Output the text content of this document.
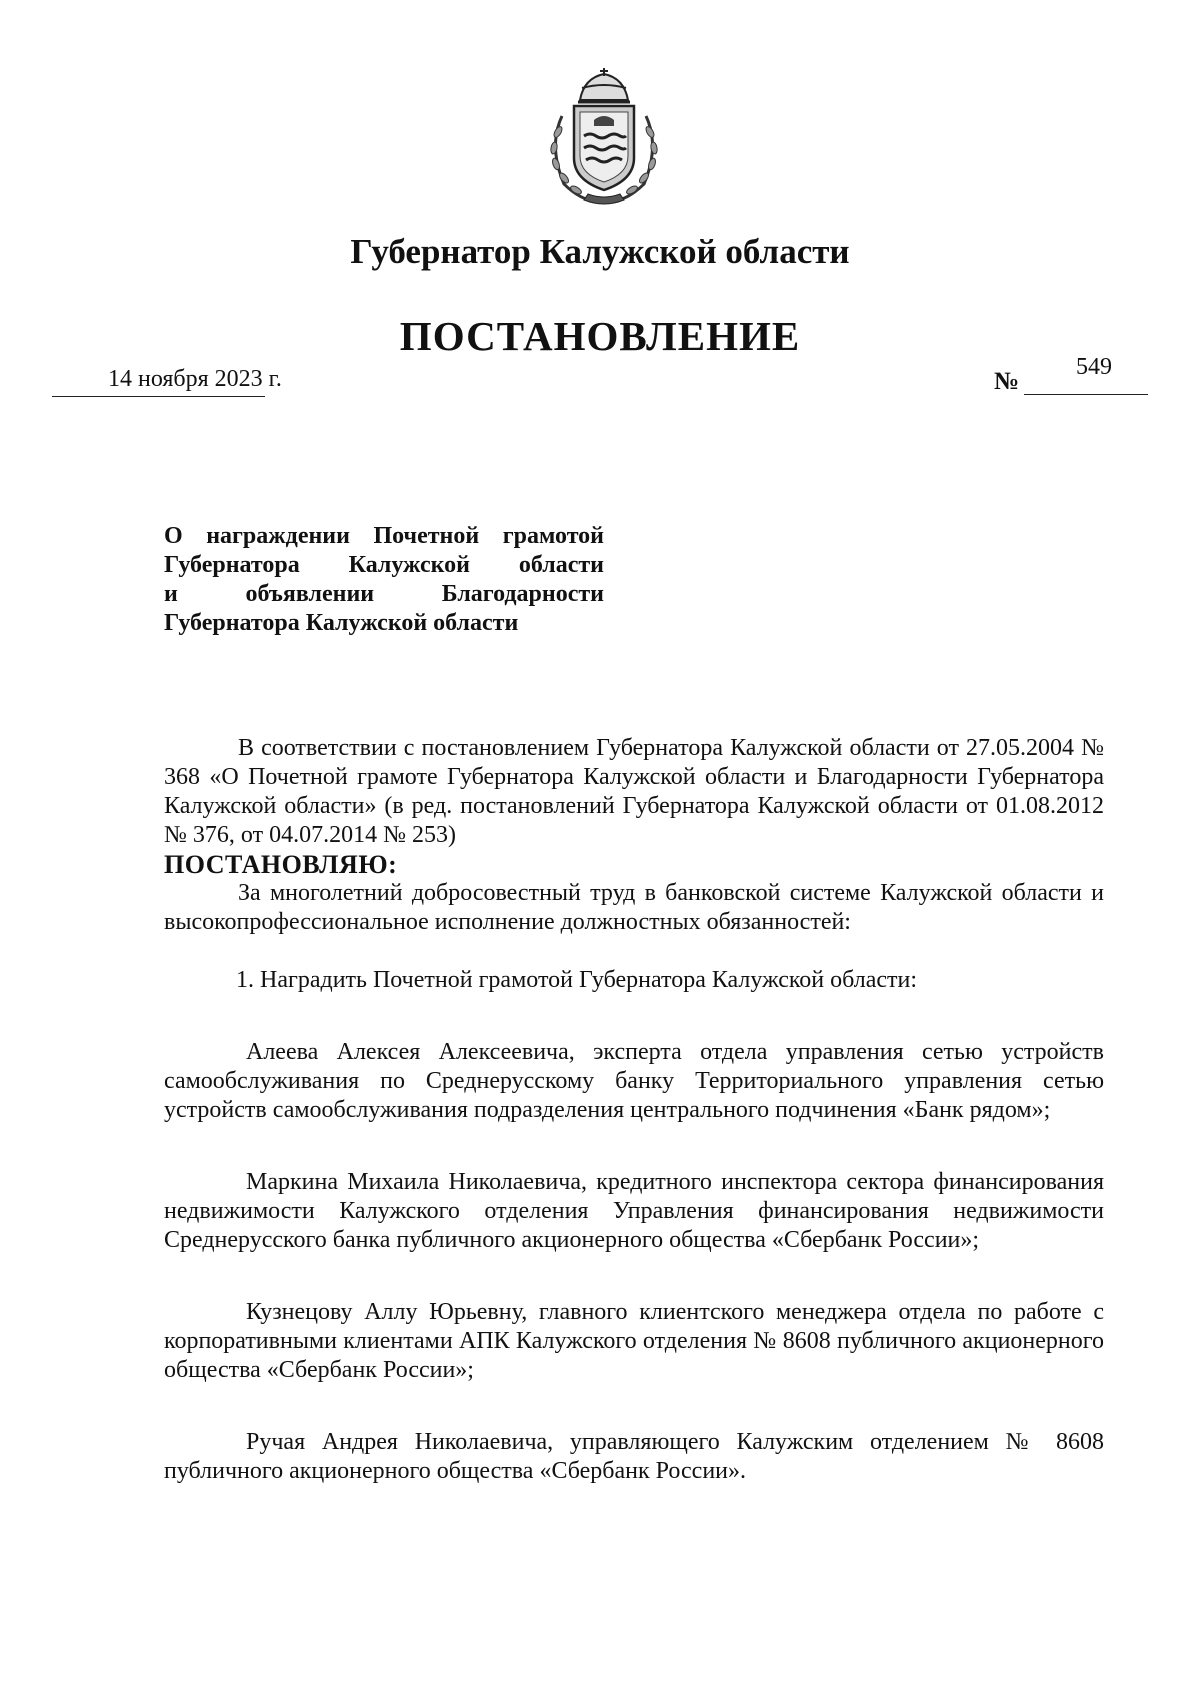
Губернатор Калужской области
ПОСТАНОВЛЕНИЕ
14 ноября 2023 г.	№
549
О награждении Почетной грамотой
Губернатора Калужской области
и объявлении Благодарности
Губернатора Калужской области

В соответствии с постановлением Губернатора Калужской области от 27.05.2004 № 368 «О Почетной грамоте Губернатора Калужской области и Благодарности Губернатора Калужской области» (в ред. постановлений Губернатора Калужской области от 01.08.2012 № 376, от 04.07.2014 № 253)

ПОСТАНОВЛЯЮ:

За многолетний добросовестный труд в банковской системе Калужской области и высокопрофессиональное исполнение должностных обязанностей:

1. Наградить Почетной грамотой Губернатора Калужской области:

Алеева Алексея Алексеевича, эксперта отдела управления сетью устройств самообслуживания по Среднерусскому банку Территориального управления сетью устройств самообслуживания подразделения центрального подчинения «Банк рядом»;

Маркина Михаила Николаевича, кредитного инспектора сектора финансирования недвижимости Калужского отделения Управления финансирования недвижимости Среднерусского банка публичного акционерного общества «Сбербанк России»;

Кузнецову Аллу Юрьевну, главного клиентского менеджера отдела по работе с корпоративными клиентами АПК Калужского отделения № 8608 публичного акционерного общества «Сбербанк России»;

Ручая Андрея Николаевича, управляющего Калужским отделением № 8608 публичного акционерного общества «Сбербанк России».
